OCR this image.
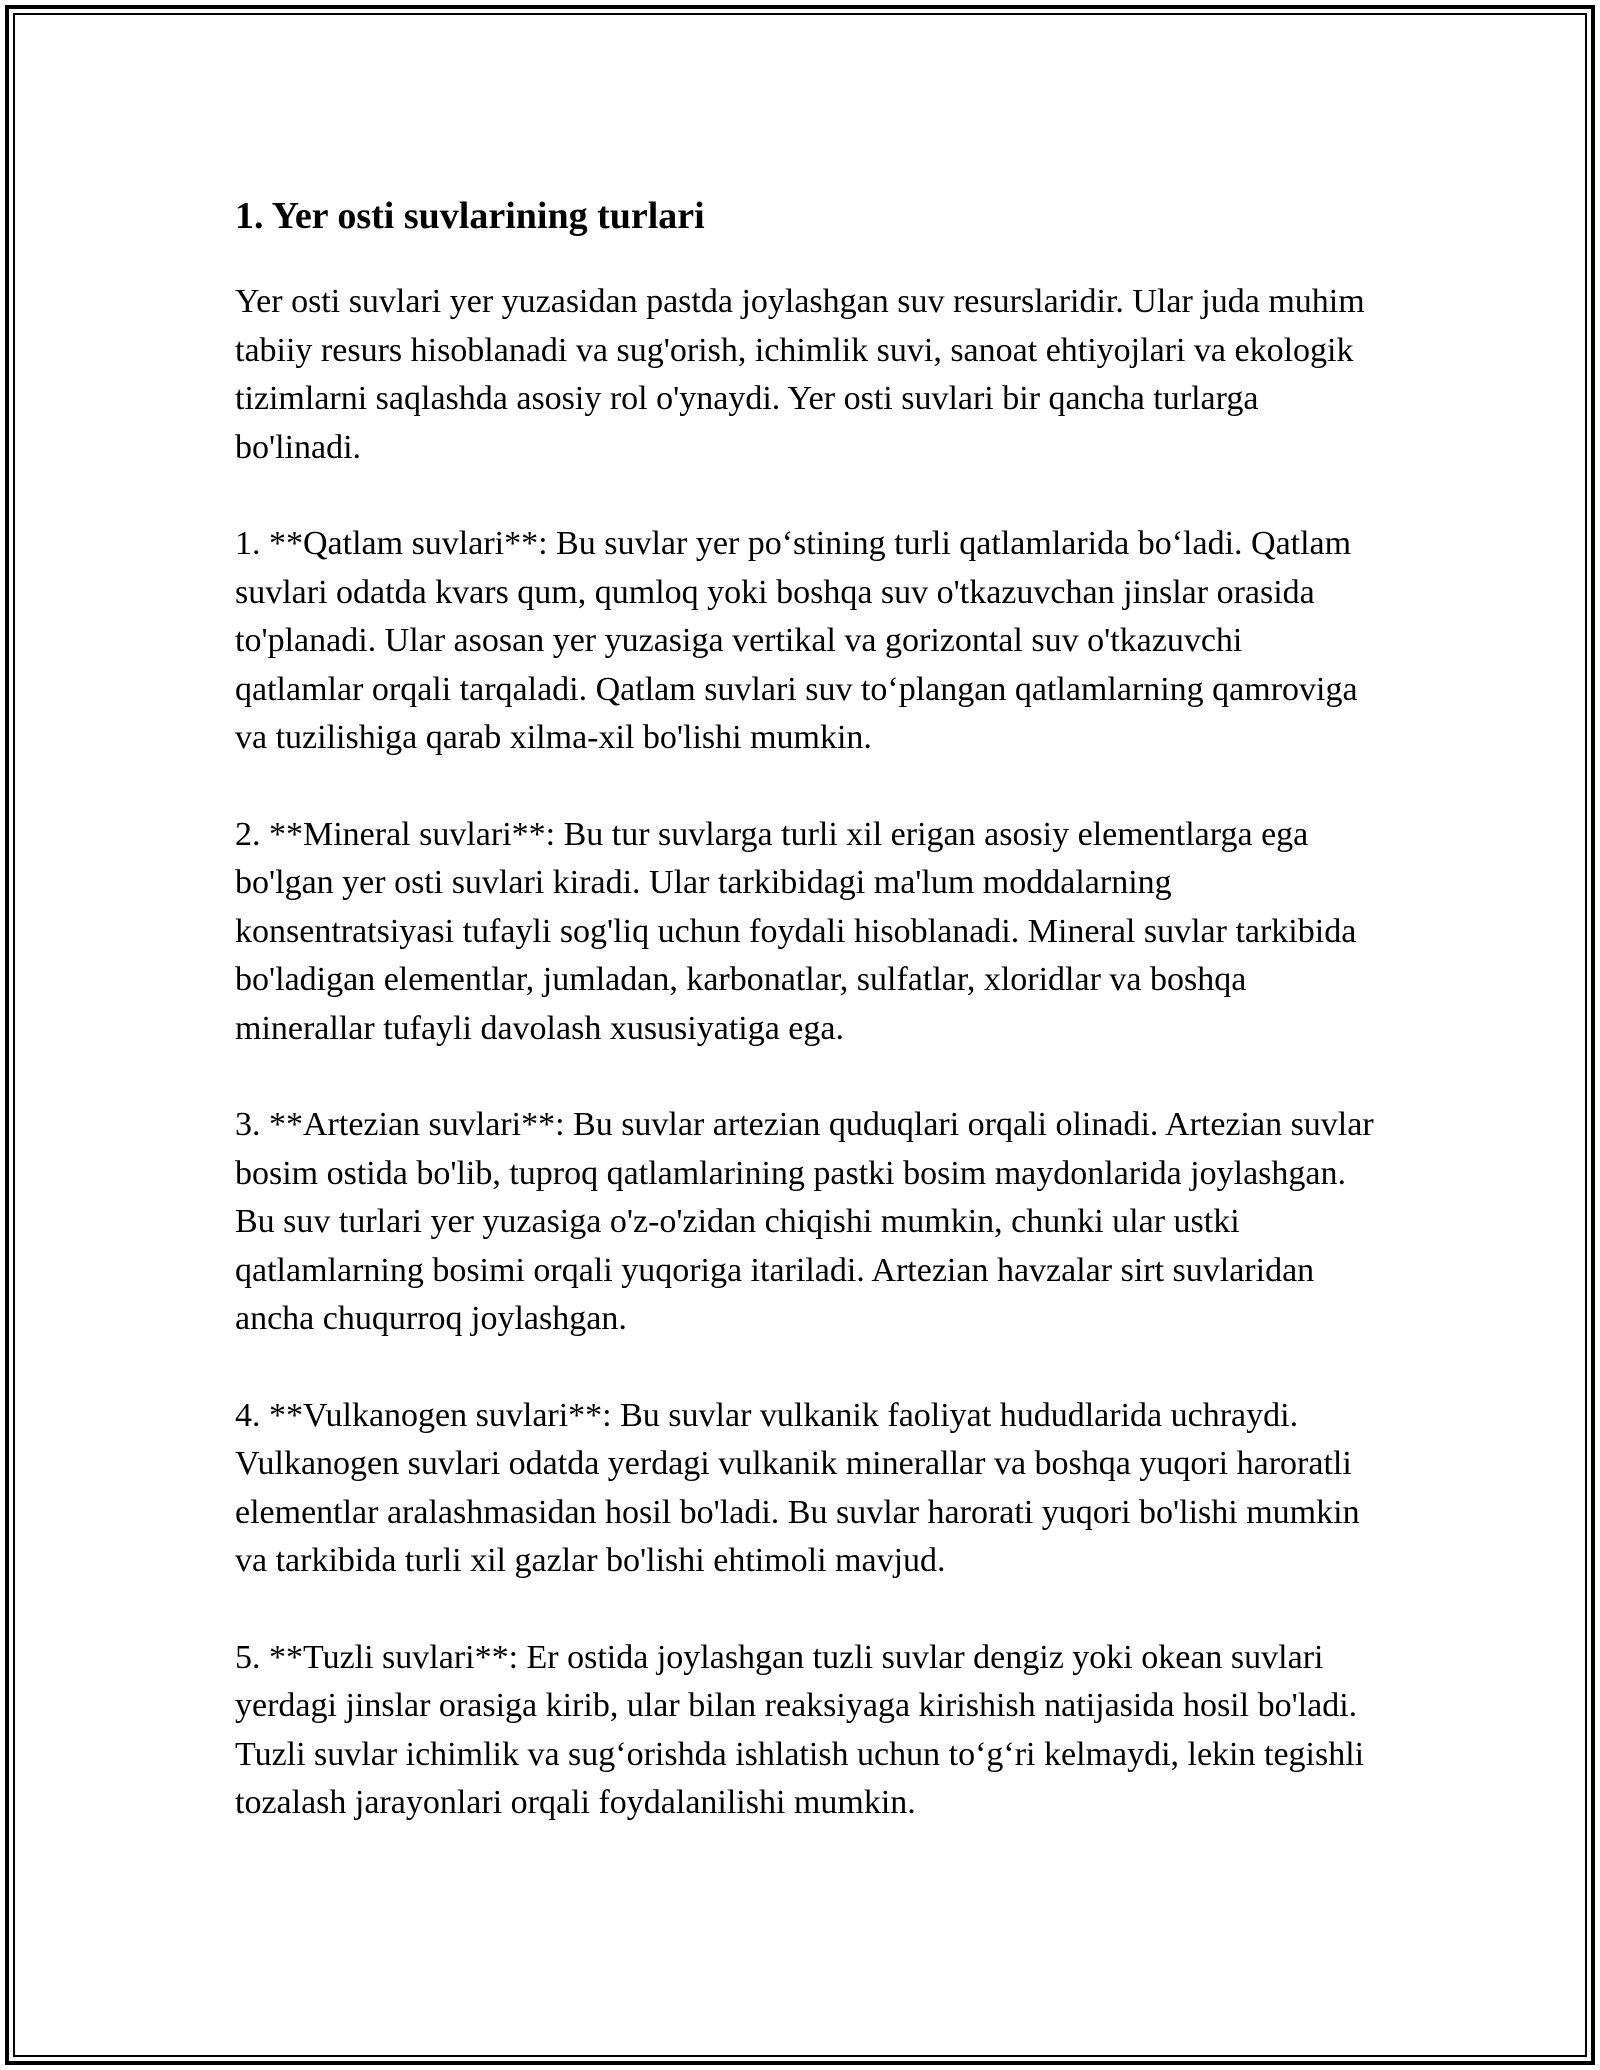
1. Yer osti suvlarining turlari

Yer osti suvlari yer yuzasidan pastda joylashgan suv resurslaridir. Ular juda muhim tabiiy resurs hisoblanadi va sug'orish, ichimlik suvi, sanoat ehtiyojlari va ekologik tizimlarni saqlashda asosiy rol o'ynaydi. Yer osti suvlari bir qancha turlarga bo'linadi.

1. **Qatlam suvlari**: Bu suvlar yer po‘stining turli qatlamlarida bo‘ladi. Qatlam suvlari odatda kvars qum, qumloq yoki boshqa suv o'tkazuvchan jinslar orasida to'planadi. Ular asosan yer yuzasiga vertikal va gorizontal suv o'tkazuvchi qatlamlar orqali tarqaladi. Qatlam suvlari suv to‘plangan qatlamlarning qamroviga va tuzilishiga qarab xilma-xil bo'lishi mumkin.

2. **Mineral suvlari**: Bu tur suvlarga turli xil erigan asosiy elementlarga ega bo'lgan yer osti suvlari kiradi. Ular tarkibidagi ma'lum moddalarning konsentratsiyasi tufayli sog'liq uchun foydali hisoblanadi. Mineral suvlar tarkibida bo'ladigan elementlar, jumladan, karbonatlar, sulfatlar, xloridlar va boshqa minerallar tufayli davolash xususiyatiga ega.

3. **Artezian suvlari**: Bu suvlar artezian quduqlari orqali olinadi. Artezian suvlar bosim ostida bo'lib, tuproq qatlamlarining pastki bosim maydonlarida joylashgan. Bu suv turlari yer yuzasiga o'z-o'zidan chiqishi mumkin, chunki ular ustki qatlamlarning bosimi orqali yuqoriga itariladi. Artezian havzalar sirt suvlaridan ancha chuqurroq joylashgan.

4. **Vulkanogen suvlari**: Bu suvlar vulkanik faoliyat hududlarida uchraydi. Vulkanogen suvlari odatda yerdagi vulkanik minerallar va boshqa yuqori haroratli elementlar aralashmasidan hosil bo'ladi. Bu suvlar harorati yuqori bo'lishi mumkin va tarkibida turli xil gazlar bo'lishi ehtimoli mavjud.

5. **Tuzli suvlari**: Er ostida joylashgan tuzli suvlar dengiz yoki okean suvlari yerdagi jinslar orasiga kirib, ular bilan reaksiyaga kirishish natijasida hosil bo'ladi. Tuzli suvlar ichimlik va sug‘orishda ishlatish uchun to‘g‘ri kelmaydi, lekin tegishli tozalash jarayonlari orqali foydalanilishi mumkin.
